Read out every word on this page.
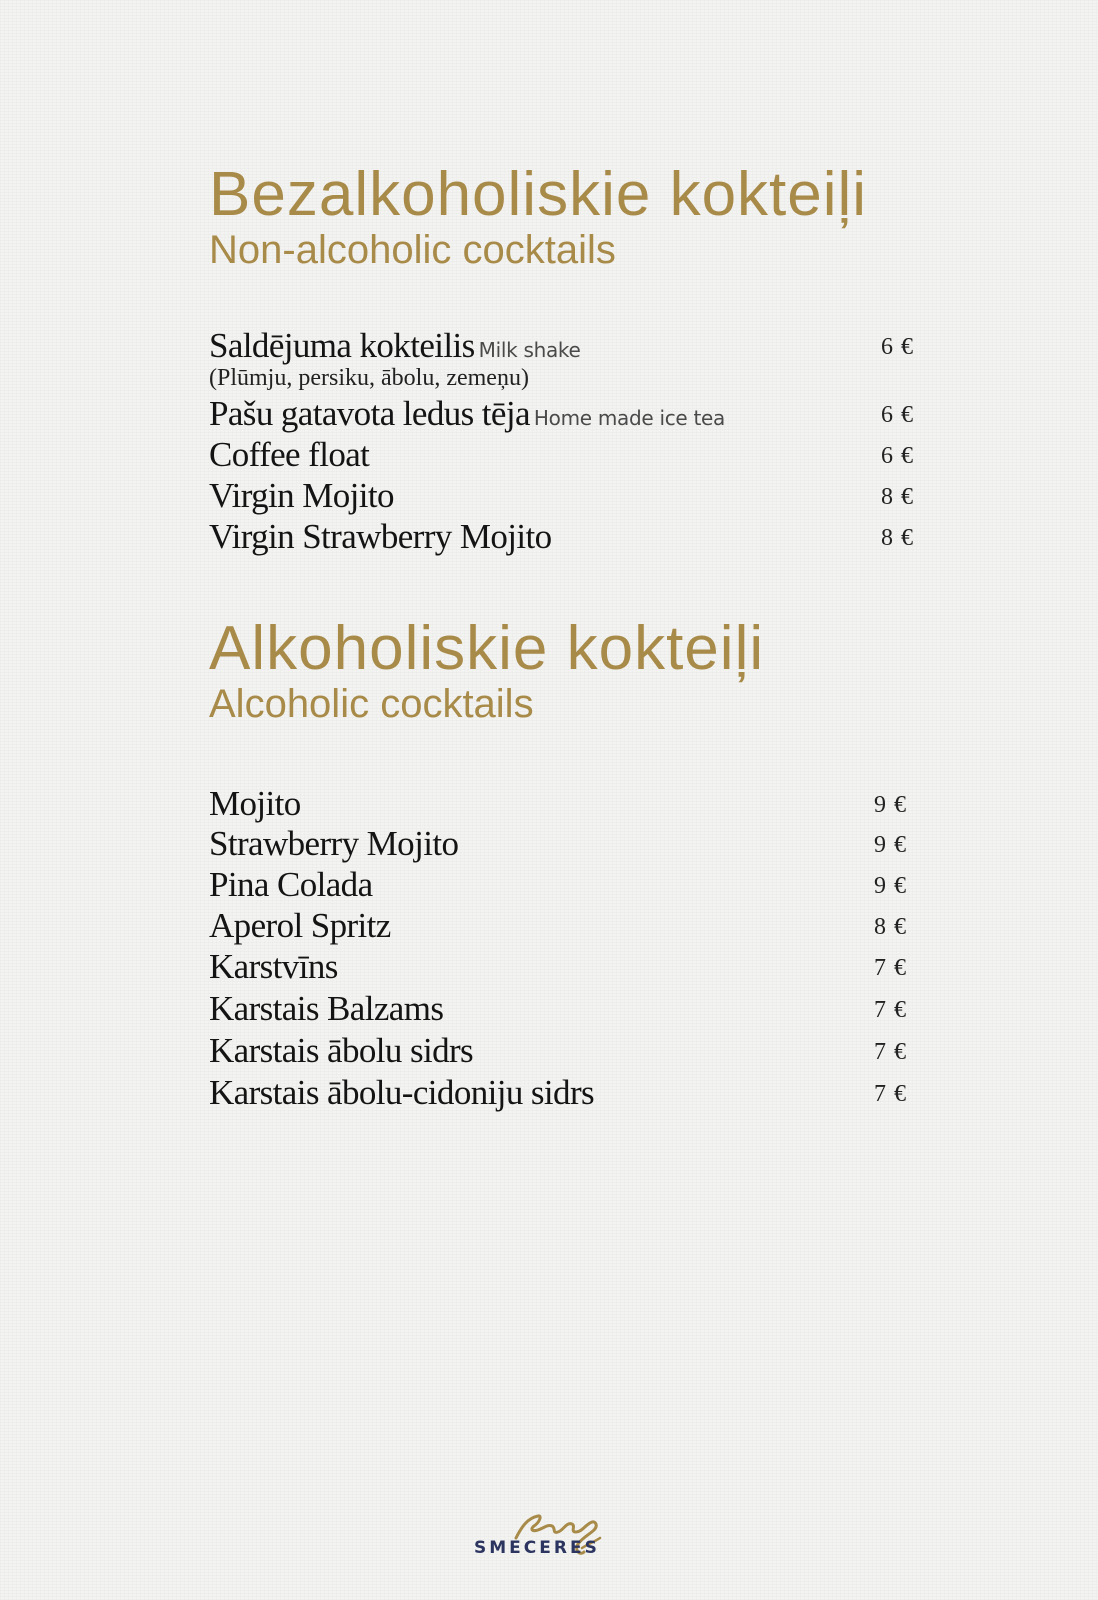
Bezalkoholiskie kokteiļi
Non-alcoholic cocktails
Saldējuma kokteilis Milk shake	6 €
(Plūmju, persiku, ābolu, zemeņu)
Pašu gatavota ledus tēja Home made ice tea	6 €
Coffee float	6 €
Virgin Mojito	8 €
Virgin Strawberry Mojito	8 €
Alkoholiskie kokteiļi
Alcoholic cocktails
Mojito	9 €
Strawberry Mojito	9 €
Pina Colada	9 €
Aperol Spritz	8 €
Karstvīns	7 €
Karstais Balzams	7 €
Karstais ābolu sidrs	7 €
Karstais ābolu-cidoniju sidrs	7 €
SMECERES
